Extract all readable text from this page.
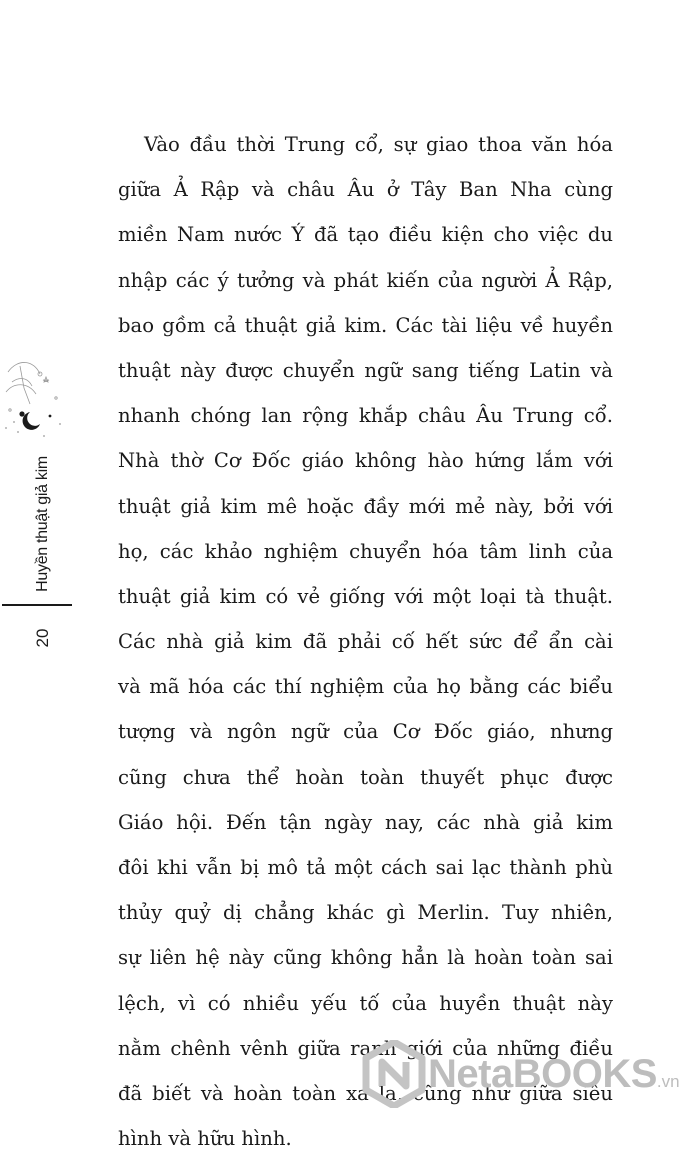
Huyền thuật giả kim
20
Vào đầu thời Trung cổ, sự giao thoa văn hóa
giữa Ả Rập và châu Âu ở Tây Ban Nha cùng
miền Nam nước Ý đã tạo điều kiện cho việc du
nhập các ý tưởng và phát kiến của người Ả Rập,
bao gồm cả thuật giả kim. Các tài liệu về huyền
thuật này được chuyển ngữ sang tiếng Latin và
nhanh chóng lan rộng khắp châu Âu Trung cổ.
Nhà thờ Cơ Đốc giáo không hào hứng lắm với
thuật giả kim mê hoặc đầy mới mẻ này, bởi với
họ, các khảo nghiệm chuyển hóa tâm linh của
thuật giả kim có vẻ giống với một loại tà thuật.
Các nhà giả kim đã phải cố hết sức để ẩn cài
và mã hóa các thí nghiệm của họ bằng các biểu
tượng và ngôn ngữ của Cơ Đốc giáo, nhưng
cũng chưa thể hoàn toàn thuyết phục được
Giáo hội. Đến tận ngày nay, các nhà giả kim
đôi khi vẫn bị mô tả một cách sai lạc thành phù
thủy quỷ dị chẳng khác gì Merlin. Tuy nhiên,
sự liên hệ này cũng không hẳn là hoàn toàn sai
lệch, vì có nhiều yếu tố của huyền thuật này
nằm chênh vênh giữa ranh giới của những điều
đã biết và hoàn toàn xa lạ, cũng như giữa siêu
hình và hữu hình.
NetaBOOKS.vn
